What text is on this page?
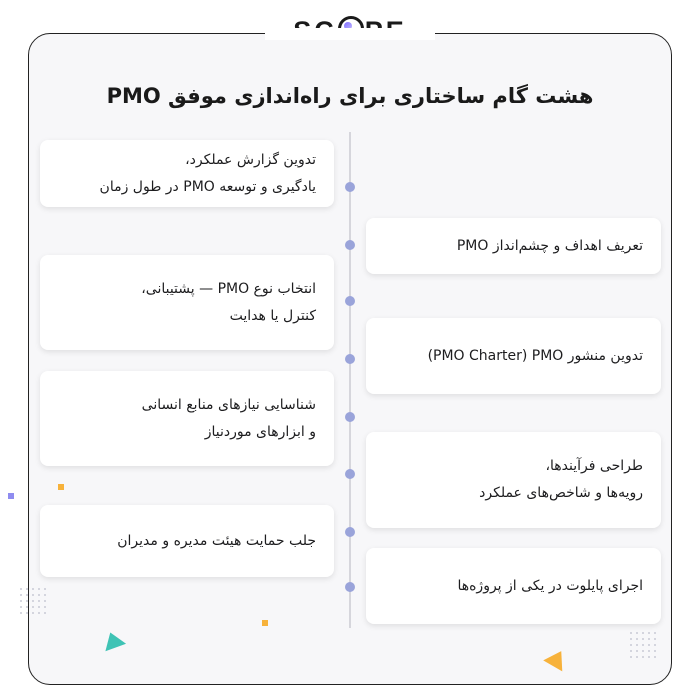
هشت گام ساختاری برای راه‌اندازی موفق PMO
تدوین گزارش عملکرد،
یادگیری و توسعه PMO در طول زمان
انتخاب نوع PMO — پشتیبانی،
کنترل یا هدایت
شناسایی نیازهای منابع انسانی
و ابزارهای موردنیاز
جلب حمایت هیئت مدیره و مدیران
تعریف اهداف و چشم‌انداز PMO
تدوین منشور PMO Charter) PMO)
طراحی فرآیندها،
رویه‌ها و شاخص‌های عملکرد
اجرای پایلوت در یکی از پروژه‌ها
